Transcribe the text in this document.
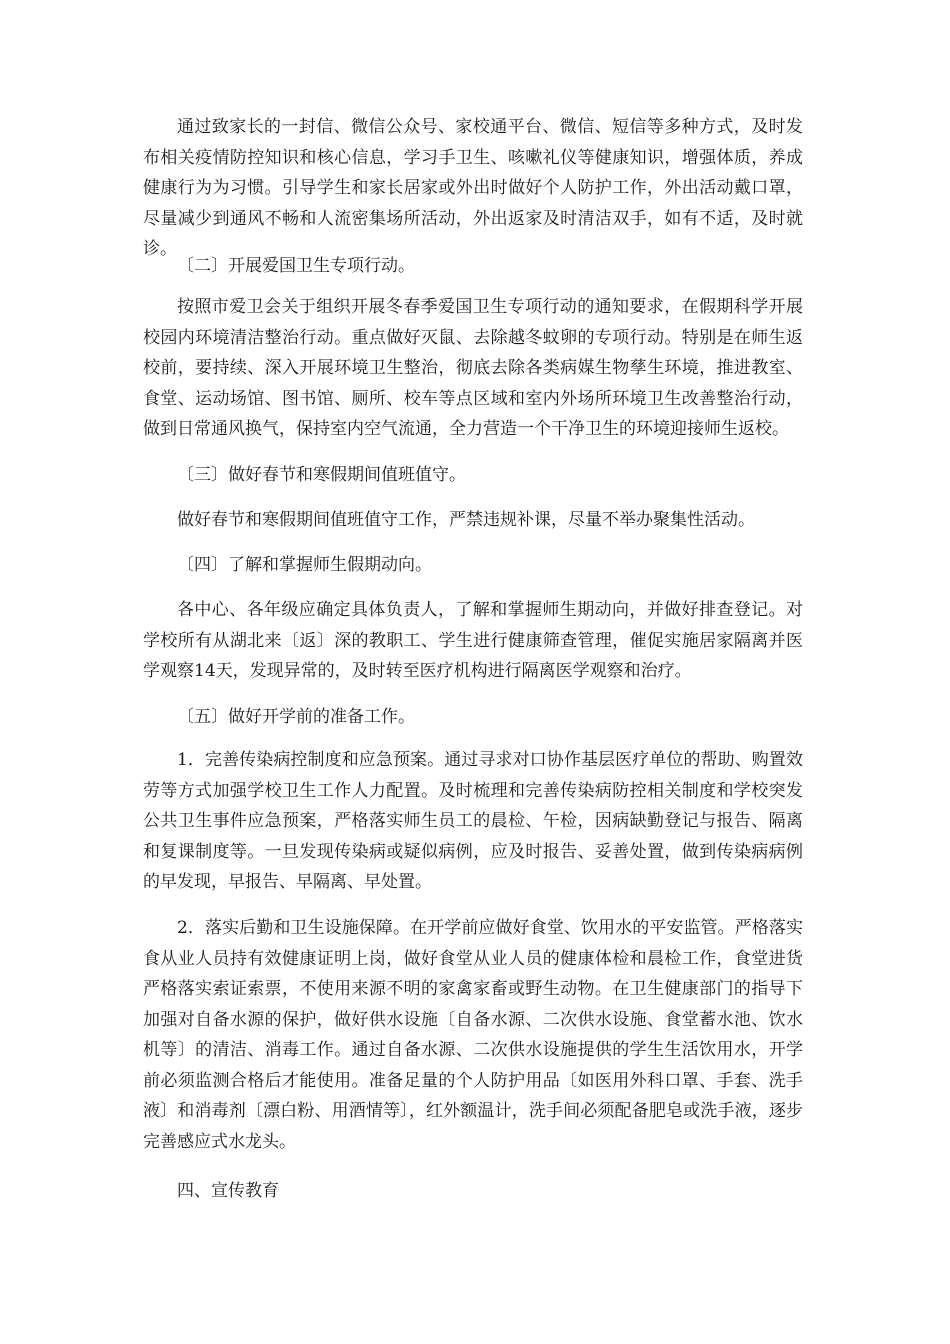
通过致家长的一封信、微信公众号、家校通平台、微信、短信等多种方式，及时发布相关疫情防控知识和核心信息，学习手卫生、咳嗽礼仪等健康知识，增强体质，养成健康行为为习惯。引导学生和家长居家或外出时做好个人防护工作，外出活动戴口罩，尽量减少到通风不畅和人流密集场所活动，外出返家及时清洁双手，如有不适，及时就诊。

〔二〕开展爱国卫生专项行动。

按照市爱卫会关于组织开展冬春季爱国卫生专项行动的通知要求，在假期科学开展校园内环境清洁整治行动。重点做好灭鼠、去除越冬蚊卵的专项行动。特别是在师生返校前，要持续、深入开展环境卫生整治，彻底去除各类病媒生物孳生环境，推进教室、食堂、运动场馆、图书馆、厕所、校车等点区域和室内外场所环境卫生改善整治行动，做到日常通风换气，保持室内空气流通，全力营造一个干净卫生的环境迎接师生返校。

〔三〕做好春节和寒假期间值班值守。

做好春节和寒假期间值班值守工作，严禁违规补课，尽量不举办聚集性活动。

〔四〕了解和掌握师生假期动向。

各中心、各年级应确定具体负责人，了解和掌握师生期动向，并做好排查登记。对学校所有从湖北来〔返〕深的教职工、学生进行健康筛查管理，催促实施居家隔离并医学观察14天，发现异常的，及时转至医疗机构进行隔离医学观察和治疗。

〔五〕做好开学前的准备工作。

1．完善传染病控制度和应急预案。通过寻求对口协作基层医疗单位的帮助、购置效劳等方式加强学校卫生工作人力配置。及时梳理和完善传染病防控相关制度和学校突发公共卫生事件应急预案，严格落实师生员工的晨检、午检，因病缺勤登记与报告、隔离和复课制度等。一旦发现传染病或疑似病例，应及时报告、妥善处置，做到传染病病例的早发现，早报告、早隔离、早处置。

2．落实后勤和卫生设施保障。在开学前应做好食堂、饮用水的平安监管。严格落实食从业人员持有效健康证明上岗，做好食堂从业人员的健康体检和晨检工作，食堂进货严格落实索证索票，不使用来源不明的家禽家畜或野生动物。在卫生健康部门的指导下加强对自备水源的保护，做好供水设施〔自备水源、二次供水设施、食堂蓄水池、饮水机等〕的清洁、消毒工作。通过自备水源、二次供水设施提供的学生生活饮用水，开学前必须监测合格后才能使用。准备足量的个人防护用品〔如医用外科口罩、手套、洗手液〕和消毒剂〔漂白粉、用酒情等〕，红外额温计，洗手间必须配备肥皂或洗手液，逐步完善感应式水龙头。

四、宣传教育
